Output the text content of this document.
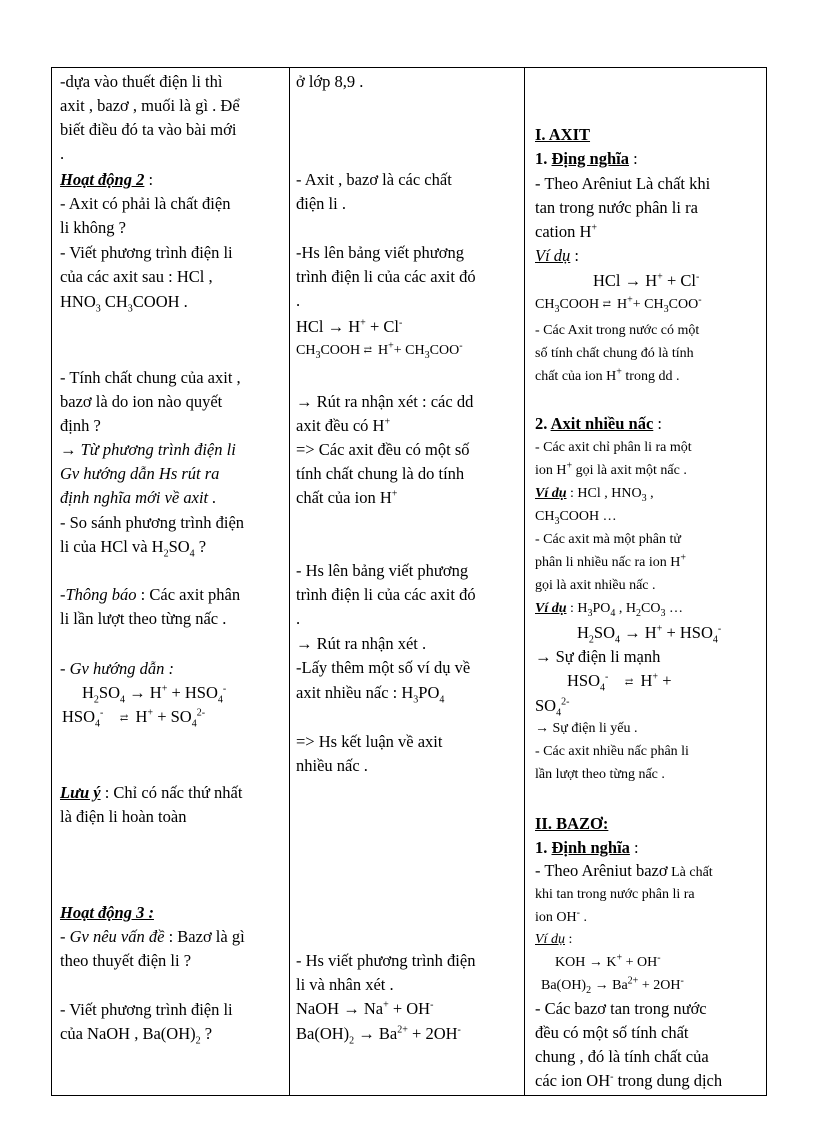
-dựa vào thuết điện li thì
axit , bazơ , muối là gì . Để
biết điều đó ta vào bài mới
.
Hoạt động 2 :
- Axit có phải là chất điện
li không ?
- Viết phương trình điện li
của các axit sau : HCl ,
$HNO_3$ $CH_3COOH$ .
- Tính chất chung của axit ,
bazơ là do ion nào quyết
định ?
→ Từ phương trình điện li
Gv hướng dẫn Hs rút ra
định nghĩa mới về axit .
- So sánh phương trình điện
li của HCl và $H_2SO_4$ ?
-Thông báo : Các axit phân
li lần lượt theo từng nấc .
- Gv hướng dẫn :
$H_2SO_4 \to H^+ + HSO_4^-$
$HSO_4^-$ ⇄ $H^+ + SO_4^{2-}$
Lưu ý : Chỉ có nấc thứ nhất
là điện li hoàn toàn
Hoạt động 3 :
- Gv nêu vấn đề : Bazơ là gì
theo thuyết điện li ?
- Viết phương trình điện li
của NaOH , $Ba(OH)_2$ ?
ở lớp 8,9 .
- Axit , bazơ là các chất
điện li .
-Hs lên bảng viết phương
trình điện li của các axit đó
.
HCl → H+ + Cl-
$CH_3COOH$ ⇄ $H^++ CH_3COO^-$
→ Rút ra nhận xét : các dd
axit đều có H+
=> Các axit đều có một số
tính chất chung là do tính
chất của ion H+
- Hs lên bảng viết phương
trình điện li của các axit đó
.
→ Rút ra nhận xét .
-Lấy thêm một số ví dụ về
axit nhiều nấc : $H_3PO_4$
=> Hs kết luận về axit
nhiều nấc .
- Hs viết phương trình điện
li và nhân xét .
NaOH → Na+ + OH-
$Ba(OH)_2 \to Ba^{2+} + 2OH^-$
I. AXIT
1. Địng nghĩa :
- Theo Arêniut Là chất khi
tan trong nước phân li ra
cation H+
Ví dụ :
HCl → H+ + Cl-
$CH_3COOH$ ⇄  $H^++ CH_3COO^-$
- Các Axit trong nước có một
số tính chất chung đó là tính
chất của ion H+ trong dd .
2. Axit nhiều nấc :
- Các axit chỉ phân li ra một
ion H+ gọi là axit một nấc .
Ví dụ : HCl , $HNO_3$ ,
$CH_3COOH$ …
- Các axit mà một phân tử
phân li nhiều nấc ra ion H+
gọi là axit nhiều nấc .
Ví dụ : $H_3PO_4$ , $H_2CO_3$ …
$H_2SO_4 \to H^+ + HSO_4^-$
→ Sự điện li mạnh
$HSO_4^-$ ⇄ H+ +
$SO_4^{2-}$
→ Sự điện li yếu .
- Các axit nhiều nấc phân li
lần lượt theo từng nấc .
II. BAZƠ:
1. Định nghĩa :
- Theo Arêniut bazơ Là chất
khi tan trong nước phân li ra
ion OH- .
Ví dụ :
KOH → K+ + OH-
$Ba(OH)_2 \to Ba^{2+} + 2OH^-$
- Các bazơ tan trong nước
đều có một số tính chất
chung , đó là tính chất của
các ion OH- trong dung dịch
